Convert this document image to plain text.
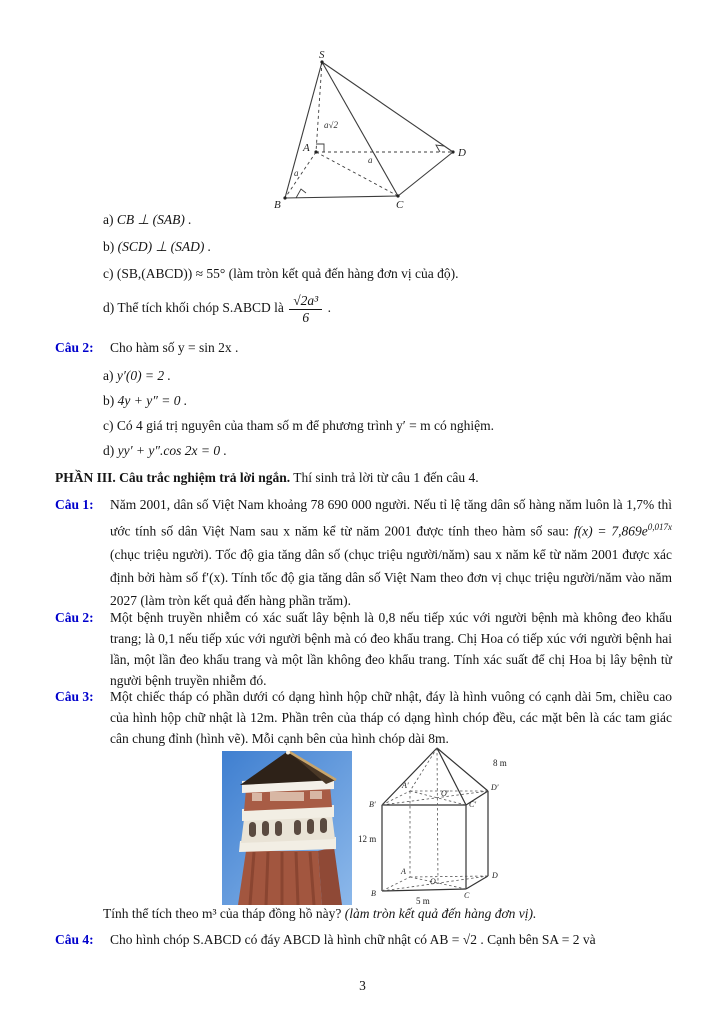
S
A
B	C
D
a√2
a
a
a) CB ⊥ (SAB) .
b) (SCD) ⊥ (SAD) .
c) (SB,(ABCD)) ≈ 55° (làm tròn kết quả đến hàng đơn vị của độ).
d) Thể tích khối chóp S.ABCD là $\frac{\text{√2a³}}{6}$ .
Câu 2:	Cho hàm số y = sin 2x .
a) y′(0) = 2 .
b) 4y + y″ = 0 .
c) Có 4 giá trị nguyên của tham số m để phương trình y′ = m có nghiệm.
d) yy′ + y″.cos 2x = 0 .
PHẦN III. Câu trắc nghiệm trả lời ngắn. Thí sinh trả lời từ câu 1 đến câu 4.
Câu 1:	Năm 2001, dân số Việt Nam khoảng 78 690 000 người. Nếu tỉ lệ tăng dân số hàng năm luôn là 1,7% thì ước tính số dân Việt Nam sau x năm kể từ năm 2001 được tính theo hàm số sau: $f(x) = 7,869e^{0,017x}$ (chục triệu người). Tốc độ gia tăng dân số (chục triệu người/năm) sau x năm kể từ năm 2001 được xác định bởi hàm số f′(x). Tính tốc độ gia tăng dân số Việt Nam theo đơn vị chục triệu người/năm vào năm 2027 (làm tròn kết quả đến hàng phần trăm).
Câu 2:	Một bệnh truyền nhiễm có xác suất lây bệnh là 0,8 nếu tiếp xúc với người bệnh mà không đeo khẩu trang; là 0,1 nếu tiếp xúc với người bệnh mà có đeo khẩu trang. Chị Hoa có tiếp xúc với người bệnh hai lần, một lần đeo khẩu trang và một lần không đeo khẩu trang. Tính xác suất để chị Hoa bị lây bệnh từ người bệnh truyền nhiễm đó.
Câu 3:	Một chiếc tháp có phần dưới có dạng hình hộp chữ nhật, đáy là hình vuông có cạnh dài 5m, chiều cao của hình hộp chữ nhật là 12m. Phần trên của tháp có dạng hình chóp đều, các mặt bên là các tam giác cân chung đỉnh (hình vẽ). Mỗi cạnh bên của hình chóp dài 8m.
8 m
12 m
5 m
A′
B′	C′
D′
O′
A
B	C
D
O
Tính thể tích theo m³ của tháp đồng hồ này? (làm tròn kết quả đến hàng đơn vị).
Câu 4:	Cho hình chóp S.ABCD có đáy ABCD là hình chữ nhật có AB = √2 . Cạnh bên SA = 2 và
3
